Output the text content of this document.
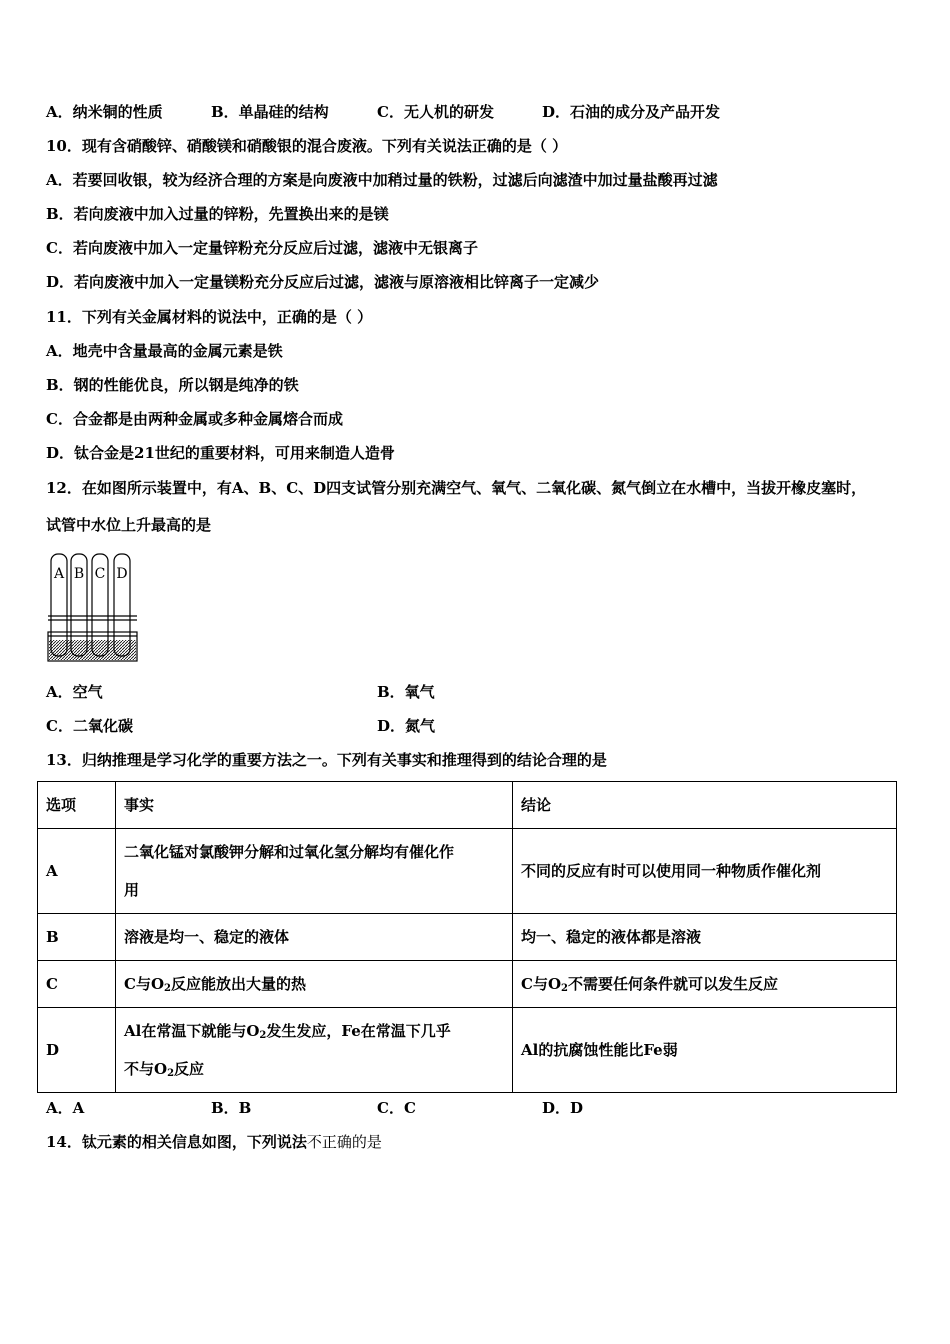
A．纳米铜的性质	B．单晶硅的结构	C．无人机的研发	D．石油的成分及产品开发
10．现有含硝酸锌、硝酸镁和硝酸银的混合废液。下列有关说法正确的是（ ）
A．若要回收银，较为经济合理的方案是向废液中加稍过量的铁粉，过滤后向滤渣中加过量盐酸再过滤
B．若向废液中加入过量的锌粉，先置换出来的是镁
C．若向废液中加入一定量锌粉充分反应后过滤，滤液中无银离子
D．若向废液中加入一定量镁粉充分反应后过滤，滤液与原溶液相比锌离子一定减少
11．下列有关金属材料的说法中，正确的是（ ）
A．地壳中含量最高的金属元素是铁
B．钢的性能优良，所以钢是纯净的铁
C．合金都是由两种金属或多种金属熔合而成
D．钛合金是21世纪的重要材料，可用来制造人造骨
12．在如图所示装置中，有A、B、C、D四支试管分别充满空气、氧气、二氧化碳、氮气倒立在水槽中，当拔开橡皮塞时，
试管中水位上升最高的是
A B C D
A．空气	B．氧气
C．二氧化碳	D．氮气
13．归纳推理是学习化学的重要方法之一。下列有关事实和推理得到的结论合理的是
选项	事实	结论
A	二氧化锰对氯酸钾分解和过氧化氢分解均有催化作
用	不同的反应有时可以使用同一种物质作催化剂
B	溶液是均一、稳定的液体	均一、稳定的液体都是溶液
C	C与$O_2$反应能放出大量的热	C与$O_2$不需要任何条件就可以发生反应
D	Al在常温下就能与$O_2$发生发应，Fe在常温下几乎
不与$O_2$反应	Al的抗腐蚀性能比Fe弱
A．A	B．B	C．C	D．D
14．钛元素的相关信息如图，下列说法不正确的是
